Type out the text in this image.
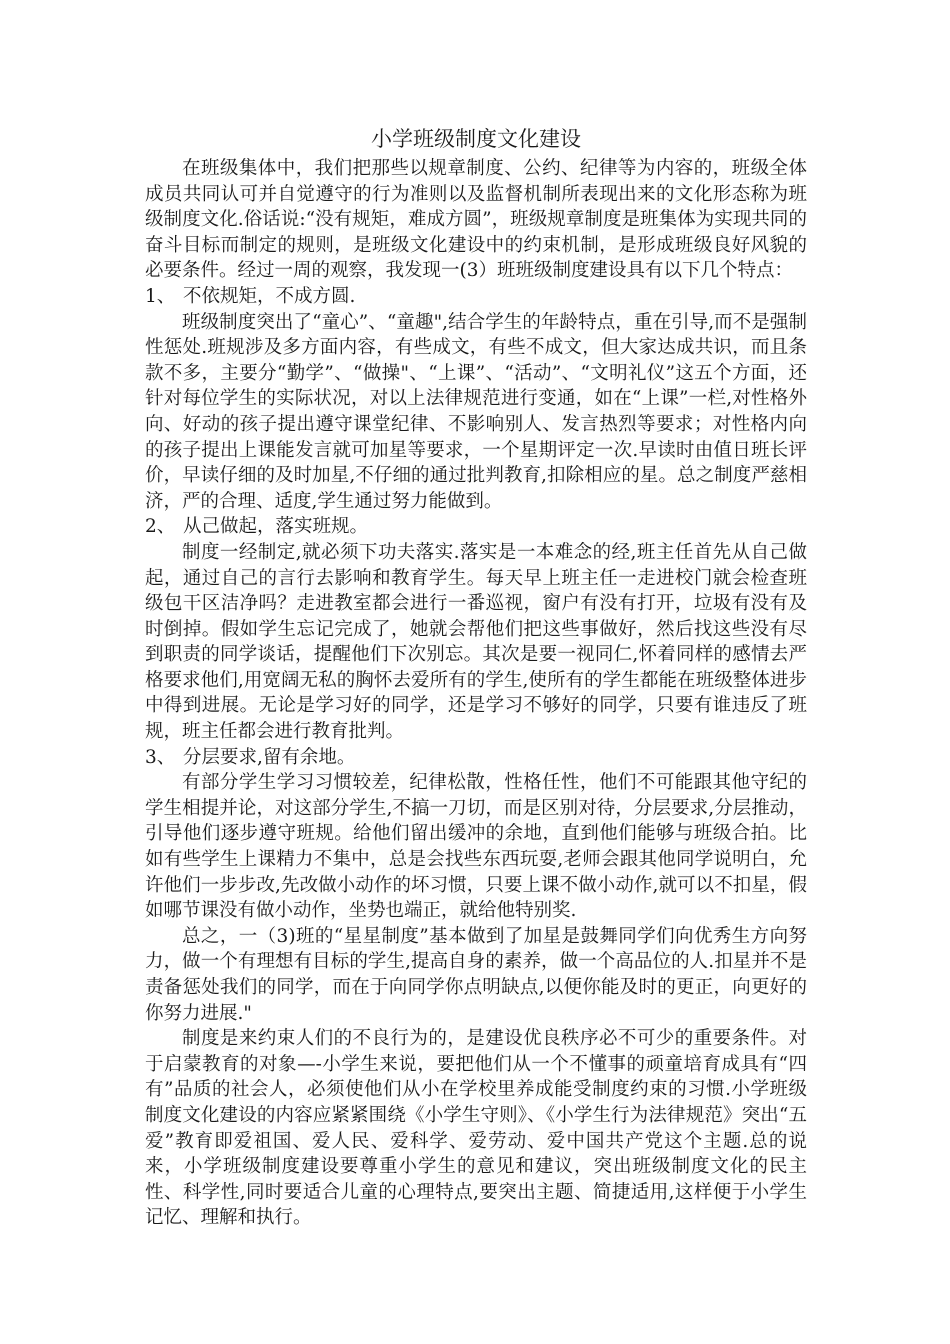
小学班级制度文化建设

在班级集体中，我们把那些以规章制度、公约、纪律等为内容的，班级全体成员共同认可并自觉遵守的行为准则以及监督机制所表现出来的文化形态称为班级制度文化.俗话说:“没有规矩，难成方圆”，班级规章制度是班集体为实现共同的奋斗目标而制定的规则，是班级文化建设中的约束机制，是形成班级良好风貌的必要条件。经过一周的观察，我发现一(3）班班级制度建设具有以下几个特点：

1、 不依规矩，不成方圆.

班级制度突出了“童心”、“童趣",结合学生的年龄特点，重在引导,而不是强制性惩处.班规涉及多方面内容，有些成文，有些不成文，但大家达成共识，而且条款不多，主要分“勤学”、“做操"、“上课”、“活动”、“文明礼仪”这五个方面，还针对每位学生的实际状况，对以上法律规范进行变通，如在“上课”一栏,对性格外向、好动的孩子提出遵守课堂纪律、不影响别人、发言热烈等要求；对性格内向的孩子提出上课能发言就可加星等要求，一个星期评定一次.早读时由值日班长评价，早读仔细的及时加星,不仔细的通过批判教育,扣除相应的星。总之制度严慈相济，严的合理、适度,学生通过努力能做到。

2、 从己做起，落实班规。

制度一经制定,就必须下功夫落实.落实是一本难念的经,班主任首先从自己做起，通过自己的言行去影响和教育学生。每天早上班主任一走进校门就会检查班级包干区洁净吗？走进教室都会进行一番巡视，窗户有没有打开，垃圾有没有及时倒掉。假如学生忘记完成了，她就会帮他们把这些事做好，然后找这些没有尽到职责的同学谈话，提醒他们下次别忘。其次是要一视同仁,怀着同样的感情去严格要求他们,用宽阔无私的胸怀去爱所有的学生,使所有的学生都能在班级整体进步中得到进展。无论是学习好的同学，还是学习不够好的同学，只要有谁违反了班规，班主任都会进行教育批判。

3、 分层要求,留有余地。

有部分学生学习习惯较差，纪律松散，性格任性，他们不可能跟其他守纪的学生相提并论，对这部分学生,不搞一刀切，而是区别对待，分层要求,分层推动，引导他们逐步遵守班规。给他们留出缓冲的余地，直到他们能够与班级合拍。比如有些学生上课精力不集中，总是会找些东西玩耍,老师会跟其他同学说明白，允许他们一步步改,先改做小动作的坏习惯，只要上课不做小动作,就可以不扣星，假如哪节课没有做小动作，坐势也端正，就给他特别奖.

总之，一（3)班的“星星制度”基本做到了加星是鼓舞同学们向优秀生方向努力，做一个有理想有目标的学生,提高自身的素养，做一个高品位的人.扣星并不是责备惩处我们的同学，而在于向同学你点明缺点,以便你能及时的更正，向更好的你努力进展."

制度是来约束人们的不良行为的，是建设优良秩序必不可少的重要条件。对于启蒙教育的对象—-小学生来说，要把他们从一个不懂事的顽童培育成具有“四有”品质的社会人，必须使他们从小在学校里养成能受制度约束的习惯.小学班级制度文化建设的内容应紧紧围绕《小学生守则》、《小学生行为法律规范》突出“五爱”教育即爱祖国、爱人民、爱科学、爱劳动、爱中国共产党这个主题.总的说来，小学班级制度建设要尊重小学生的意见和建议，突出班级制度文化的民主性、科学性,同时要适合儿童的心理特点,要突出主题、简捷适用,这样便于小学生记忆、理解和执行。
